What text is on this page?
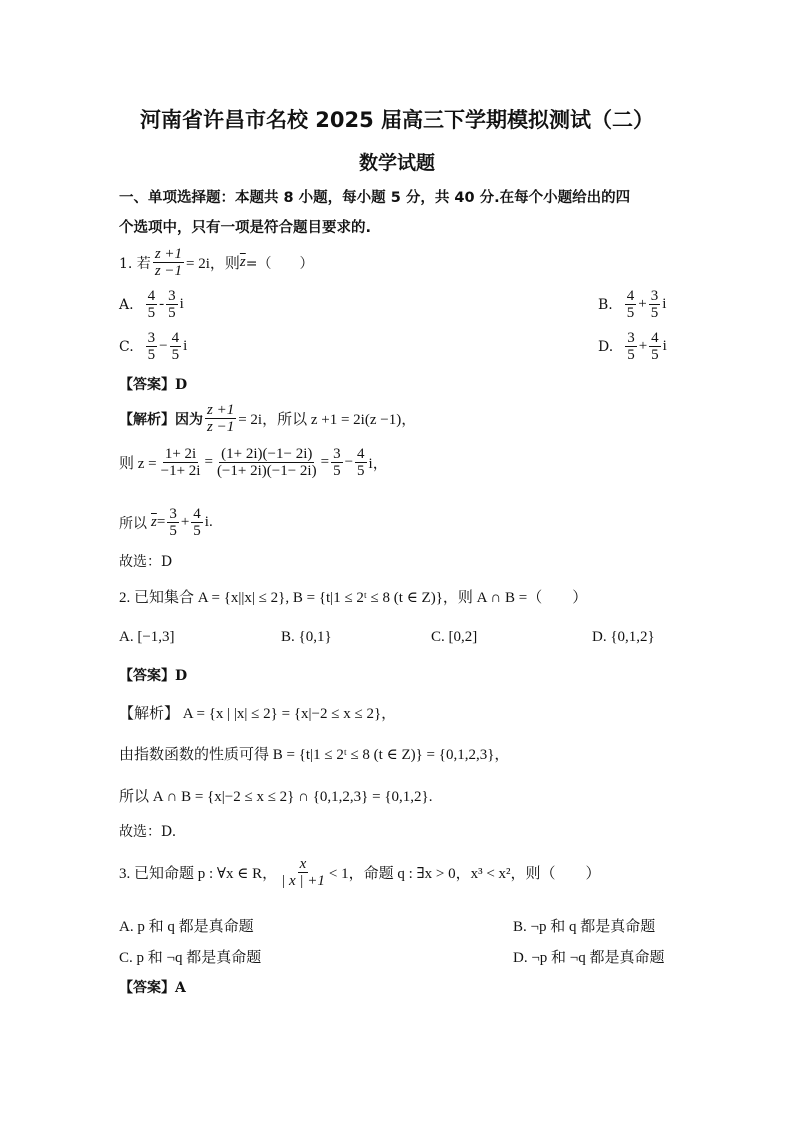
河南省许昌市名校 2025 届高三下学期模拟测试（二）
数学试题
一、单项选择题：本题共 8 小题，每小题 5 分，共 40 分.在每个小题给出的四
个选项中，只有一项是符合题目要求的.
1. 若 $\frac{z +1}{z -1} = 2i$，则 $\overline{z}$ =（　　）
A. $\frac{4}{5} - \frac{3}{5}$ i	B. $\frac{4}{5} + \frac{3}{5}$ i
C. $\frac{3}{5} - \frac{4}{5}$ i	D. $\frac{3}{5} + \frac{4}{5}$ i
【答案】D
【解析】因为 $\frac{z +1}{z -1} = 2i$，所以 z +1 = 2i(z −1)，
则 $z = \frac{1+ 2i}{-1+ 2i} = \frac{(1+ 2i)(-1- 2i)}{(-1+ 2i)(-1- 2i)} = \frac{3}{5} - \frac{4}{5}$ i，
所以 $\overline{z} = \frac{3}{5} + \frac{4}{5} i$.
故选：D
2. 已知集合 A = {x||x| ≤ 2}, B = {t|1 ≤ 2ᵗ ≤ 8 (t ∈ Z)}，则 A ∩ B =（　　）
A. [−1,3]	B. {0,1}	C. [0,2]	D. {0,1,2}
【答案】D
【解析】 A = {x | |x| ≤ 2} = {x|−2 ≤ x ≤ 2}，
由指数函数的性质可得 B = {t|1 ≤ 2ᵗ ≤ 8 (t ∈ Z)} = {0,1,2,3}，
所以 A ∩ B = {x|−2 ≤ x ≤ 2} ∩ {0,1,2,3} = {0,1,2}.
故选：D.
3. 已知命题 p : ∀x ∈ R， $\frac{x}{| x | +1} < 1$，命题 q : ∃x > 0，x³ < x²，则（　　）
A. p 和 q 都是真命题	B. ¬p 和 q 都是真命题
C. p 和 ¬q 都是真命题	D. ¬p 和 ¬q 都是真命题
【答案】A
